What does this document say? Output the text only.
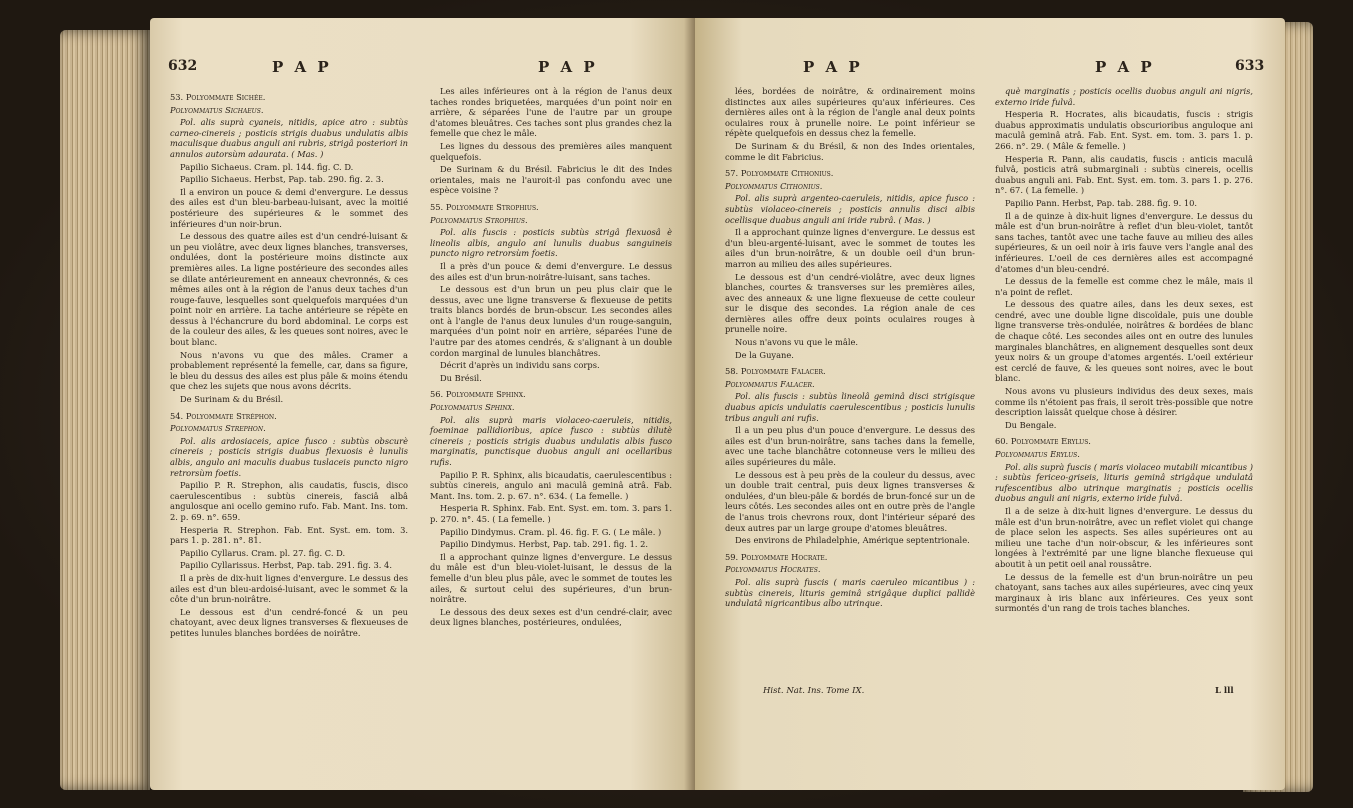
632	P A P	P A P

53. Polyommate Sichée.

Polyommatus Sichaeus.

Pol. alis suprà cyaneis, nitidis, apice atro : subtùs carneo-cinereis ; posticis strigis duabus undulatis albis maculisque duabus anguli ani rubris, strigâ posteriori in annulos autorsùm adaurata. ( Mas. )

Papilio Sichaeus. Cram. pl. 144. fig. C. D.

Papilio Sichaeus. Herbst, Pap. tab. 290. fig. 2. 3.

Il a environ un pouce & demi d'envergure. Le dessus des ailes est d'un bleu-barbeau-luisant, avec la moitié postérieure des supérieures & le sommet des inférieures d'un noir-brun.

Le dessous des quatre ailes est d'un cendré-luisant & un peu violâtre, avec deux lignes blanches, transverses, ondulées, dont la postérieure moins distincte aux premières ailes. La ligne postérieure des secondes ailes se dilate antérieurement en anneaux chevronnés, & ces mêmes ailes ont à la région de l'anus deux taches d'un rouge-fauve, lesquelles sont quelquefois marquées d'un point noir en arrière. La tache antérieure se répète en dessus à l'échancrure du bord abdominal. Le corps est de la couleur des ailes, & les queues sont noires, avec le bout blanc.

Nous n'avons vu que des mâles. Cramer a probablement représenté la femelle, car, dans sa figure, le bleu du dessus des ailes est plus pâle & moins étendu que chez les sujets que nous avons décrits.

De Surinam & du Brésil.

54. Polyommate Stréphon.

Polyommatus Strephon.

Pol. alis ardosiaceis, apice fusco : subtùs obscurè cinereis ; posticis strigis duabus flexuosis è lunulis albis, angulo ani maculis duabus tuslaceis puncto nigro retrorsùm foetis.

Papilio P. R. Strephon, alis caudatis, fuscis, disco caerulescentibus : subtùs cinereis, fasciâ albâ angulosque ani ocello gemino rufo. Fab. Mant. Ins. tom. 2. p. 69. n°. 659.

Hesperia R. Strephon. Fab. Ent. Syst. em. tom. 3. pars 1. p. 281. n°. 81.

Papilio Cyllarus. Cram. pl. 27. fig. C. D.

Papilio Cyllarissus. Herbst, Pap. tab. 291. fig. 3. 4.

Il a près de dix-huit lignes d'envergure. Le dessus des ailes est d'un bleu-ardoisé-luisant, avec le sommet & la côte d'un brun-noirâtre.

Le dessous est d'un cendré-foncé & un peu chatoyant, avec deux lignes transverses & flexueuses de petites lunules blanches bordées de noirâtre.

Les ailes inférieures ont à la région de l'anus deux taches rondes briquetées, marquées d'un point noir en arrière, & séparées l'une de l'autre par un groupe d'atomes bleuâtres. Ces taches sont plus grandes chez la femelle que chez le mâle.

Les lignes du dessous des premières ailes manquent quelquefois.

De Surinam & du Brésil. Fabricius le dit des Indes orientales, mais ne l'auroit-il pas confondu avec une espèce voisine ?

55. Polyommate Strophius.

Polyommatus Strophius.

Pol. alis fuscis : posticis subtùs strigâ flexuosâ è lineolis albis, angulo ani lunulis duabus sanguineis puncto nigro retrorsùm foetis.

Il a près d'un pouce & demi d'envergure. Le dessus des ailes est d'un brun-noirâtre-luisant, sans taches.

Le dessous est d'un brun un peu plus clair que le dessus, avec une ligne transverse & flexueuse de petits traits blancs bordés de brun-obscur. Les secondes ailes ont à l'angle de l'anus deux lunules d'un rouge-sanguin, marquées d'un point noir en arrière, séparées l'une de l'autre par des atomes cendrés, & s'alignant à un double cordon marginal de lunules blanchâtres.

Décrit d'après un individu sans corps.

Du Brésil.

56. Polyommate Sphinx.

Polyommatus Sphinx.

Pol. alis suprà maris violaceo-caeruleis, nitidis, foeminae pallidioribus, apice fusco : subtùs dilutè cinereis ; posticis strigis duabus undulatis albis fusco marginatis, punctisque duobus anguli ani ocellaribus rufis.

Papilio P. R. Sphinx, alis bicaudatis, caerulescentibus : subtùs cinereis, angulo ani maculâ geminâ atrâ. Fab. Mant. Ins. tom. 2. p. 67. n°. 634. ( La femelle. )

Hesperia R. Sphinx. Fab. Ent. Syst. em. tom. 3. pars 1. p. 270. n°. 45. ( La femelle. )

Papilio Dindymus. Cram. pl. 46. fig. F. G. ( Le mâle. )

Papilio Dindymus. Herbst, Pap. tab. 291. fig. 1. 2.

Il a approchant quinze lignes d'envergure. Le dessus du mâle est d'un bleu-violet-luisant, le dessus de la femelle d'un bleu plus pâle, avec le sommet de toutes les ailes, & surtout celui des supérieures, d'un brun-noirâtre.

Le dessous des deux sexes est d'un cendré-clair, avec deux lignes blanches, postérieures, ondulées,

P A P	P A P	633

lées, bordées de noirâtre, & ordinairement moins distinctes aux ailes supérieures qu'aux inférieures. Ces dernières ailes ont à la région de l'angle anal deux points oculaires roux à prunelle noire. Le point inférieur se répète quelquefois en dessus chez la femelle.

De Surinam & du Brésil, & non des Indes orientales, comme le dit Fabricius.

57. Polyommate Cithonius.

Polyommatus Cithonius.

Pol. alis suprà argenteo-caeruleis, nitidis, apice fusco : subtùs violaceo-cinereis ; posticis annulis disci albis ocellisque duabus anguli ani iride rubrâ. ( Mas. )

Il a approchant quinze lignes d'envergure. Le dessus est d'un bleu-argenté-luisant, avec le sommet de toutes les ailes d'un brun-noirâtre, & un double oeil d'un brun-marron au milieu des ailes supérieures.

Le dessous est d'un cendré-violâtre, avec deux lignes blanches, courtes & transverses sur les premières ailes, avec des anneaux & une ligne flexueuse de cette couleur sur le disque des secondes. La région anale de ces dernières ailes offre deux points oculaires rouges à prunelle noire.

Nous n'avons vu que le mâle.

De la Guyane.

58. Polyommate Falacer.

Polyommatus Falacer.

Pol. alis fuscis : subtùs lineolâ geminâ disci strigisque duabus apicis undulatis caerulescentibus ; posticis lunulis tribus anguli ani rufis.

Il a un peu plus d'un pouce d'envergure. Le dessus des ailes est d'un brun-noirâtre, sans taches dans la femelle, avec une tache blanchâtre cotonneuse vers le milieu des ailes supérieures du mâle.

Le dessous est à peu près de la couleur du dessus, avec un double trait central, puis deux lignes transverses & ondulées, d'un bleu-pâle & bordés de brun-foncé sur un de leurs côtés. Les secondes ailes ont en outre près de l'angle de l'anus trois chevrons roux, dont l'intérieur séparé des deux autres par un large groupe d'atomes bleuâtres.

Des environs de Philadelphie, Amérique septentrionale.

59. Polyommate Hocrate.

Polyommatus Hocrates.

Pol. alis suprà fuscis ( maris caeruleo micantibus ) : subtùs cinereis, lituris geminâ strigâque duplici pallidè undulatâ nigricantibus albo utrinque.

què marginatis ; posticis ocellis duobus anguli ani nigris, externo iride fulvâ.

Hesperia R. Hocrates, alis bicaudatis, fuscis : strigis duabus approximatis undulatis obscurioribus anguloque ani maculâ geminâ atrâ. Fab. Ent. Syst. em. tom. 3. pars 1. p. 266. n°. 29. ( Mâle & femelle. )

Hesperia R. Pann, alis caudatis, fuscis : anticis maculâ fulvâ, posticis atrâ submarginali : subtùs cinereis, ocellis duabus anguli ani. Fab. Ent. Syst. em. tom. 3. pars 1. p. 276. n°. 67. ( La femelle. )

Papilio Pann. Herbst, Pap. tab. 288. fig. 9. 10.

Il a de quinze à dix-huit lignes d'envergure. Le dessus du mâle est d'un brun-noirâtre à reflet d'un bleu-violet, tantôt sans taches, tantôt avec une tache fauve au milieu des ailes supérieures, & un oeil noir à iris fauve vers l'angle anal des inférieures. L'oeil de ces dernières ailes est accompagné d'atomes d'un bleu-cendré.

Le dessus de la femelle est comme chez le mâle, mais il n'a point de reflet.

Le dessous des quatre ailes, dans les deux sexes, est cendré, avec une double ligne discoïdale, puis une double ligne transverse très-ondulée, noirâtres & bordées de blanc de chaque côté. Les secondes ailes ont en outre des lunules marginales blanchâtres, en alignement desquelles sont deux yeux noirs & un groupe d'atomes argentés. L'oeil extérieur est cerclé de fauve, & les queues sont noires, avec le bout blanc.

Nous avons vu plusieurs individus des deux sexes, mais comme ils n'étoient pas frais, il seroit très-possible que notre description laissât quelque chose à désirer.

Du Bengale.

60. Polyommate Erylus.

Polyommatus Erylus.

Pol. alis suprà fuscis ( maris violaceo mutabili micantibus ) : subtùs fericeo-griseis, lituris geminâ strigâque undulatâ rufescentibus albo utrinque marginatis ; posticis ocellis duobus anguli ani nigris, externo iride fulvâ.

Il a de seize à dix-huit lignes d'envergure. Le dessus du mâle est d'un brun-noirâtre, avec un reflet violet qui change de place selon les aspects. Ses ailes supérieures ont au milieu une tache d'un noir-obscur, & les inférieures sont longées à l'extrémité par une ligne blanche flexueuse qui aboutit à un petit oeil anal roussâtre.

Le dessus de la femelle est d'un brun-noirâtre un peu chatoyant, sans taches aux ailes supérieures, avec cinq yeux marginaux à iris blanc aux inférieures. Ces yeux sont surmontés d'un rang de trois taches blanches.

Hist. Nat. Ins. Tome IX.	L lll
